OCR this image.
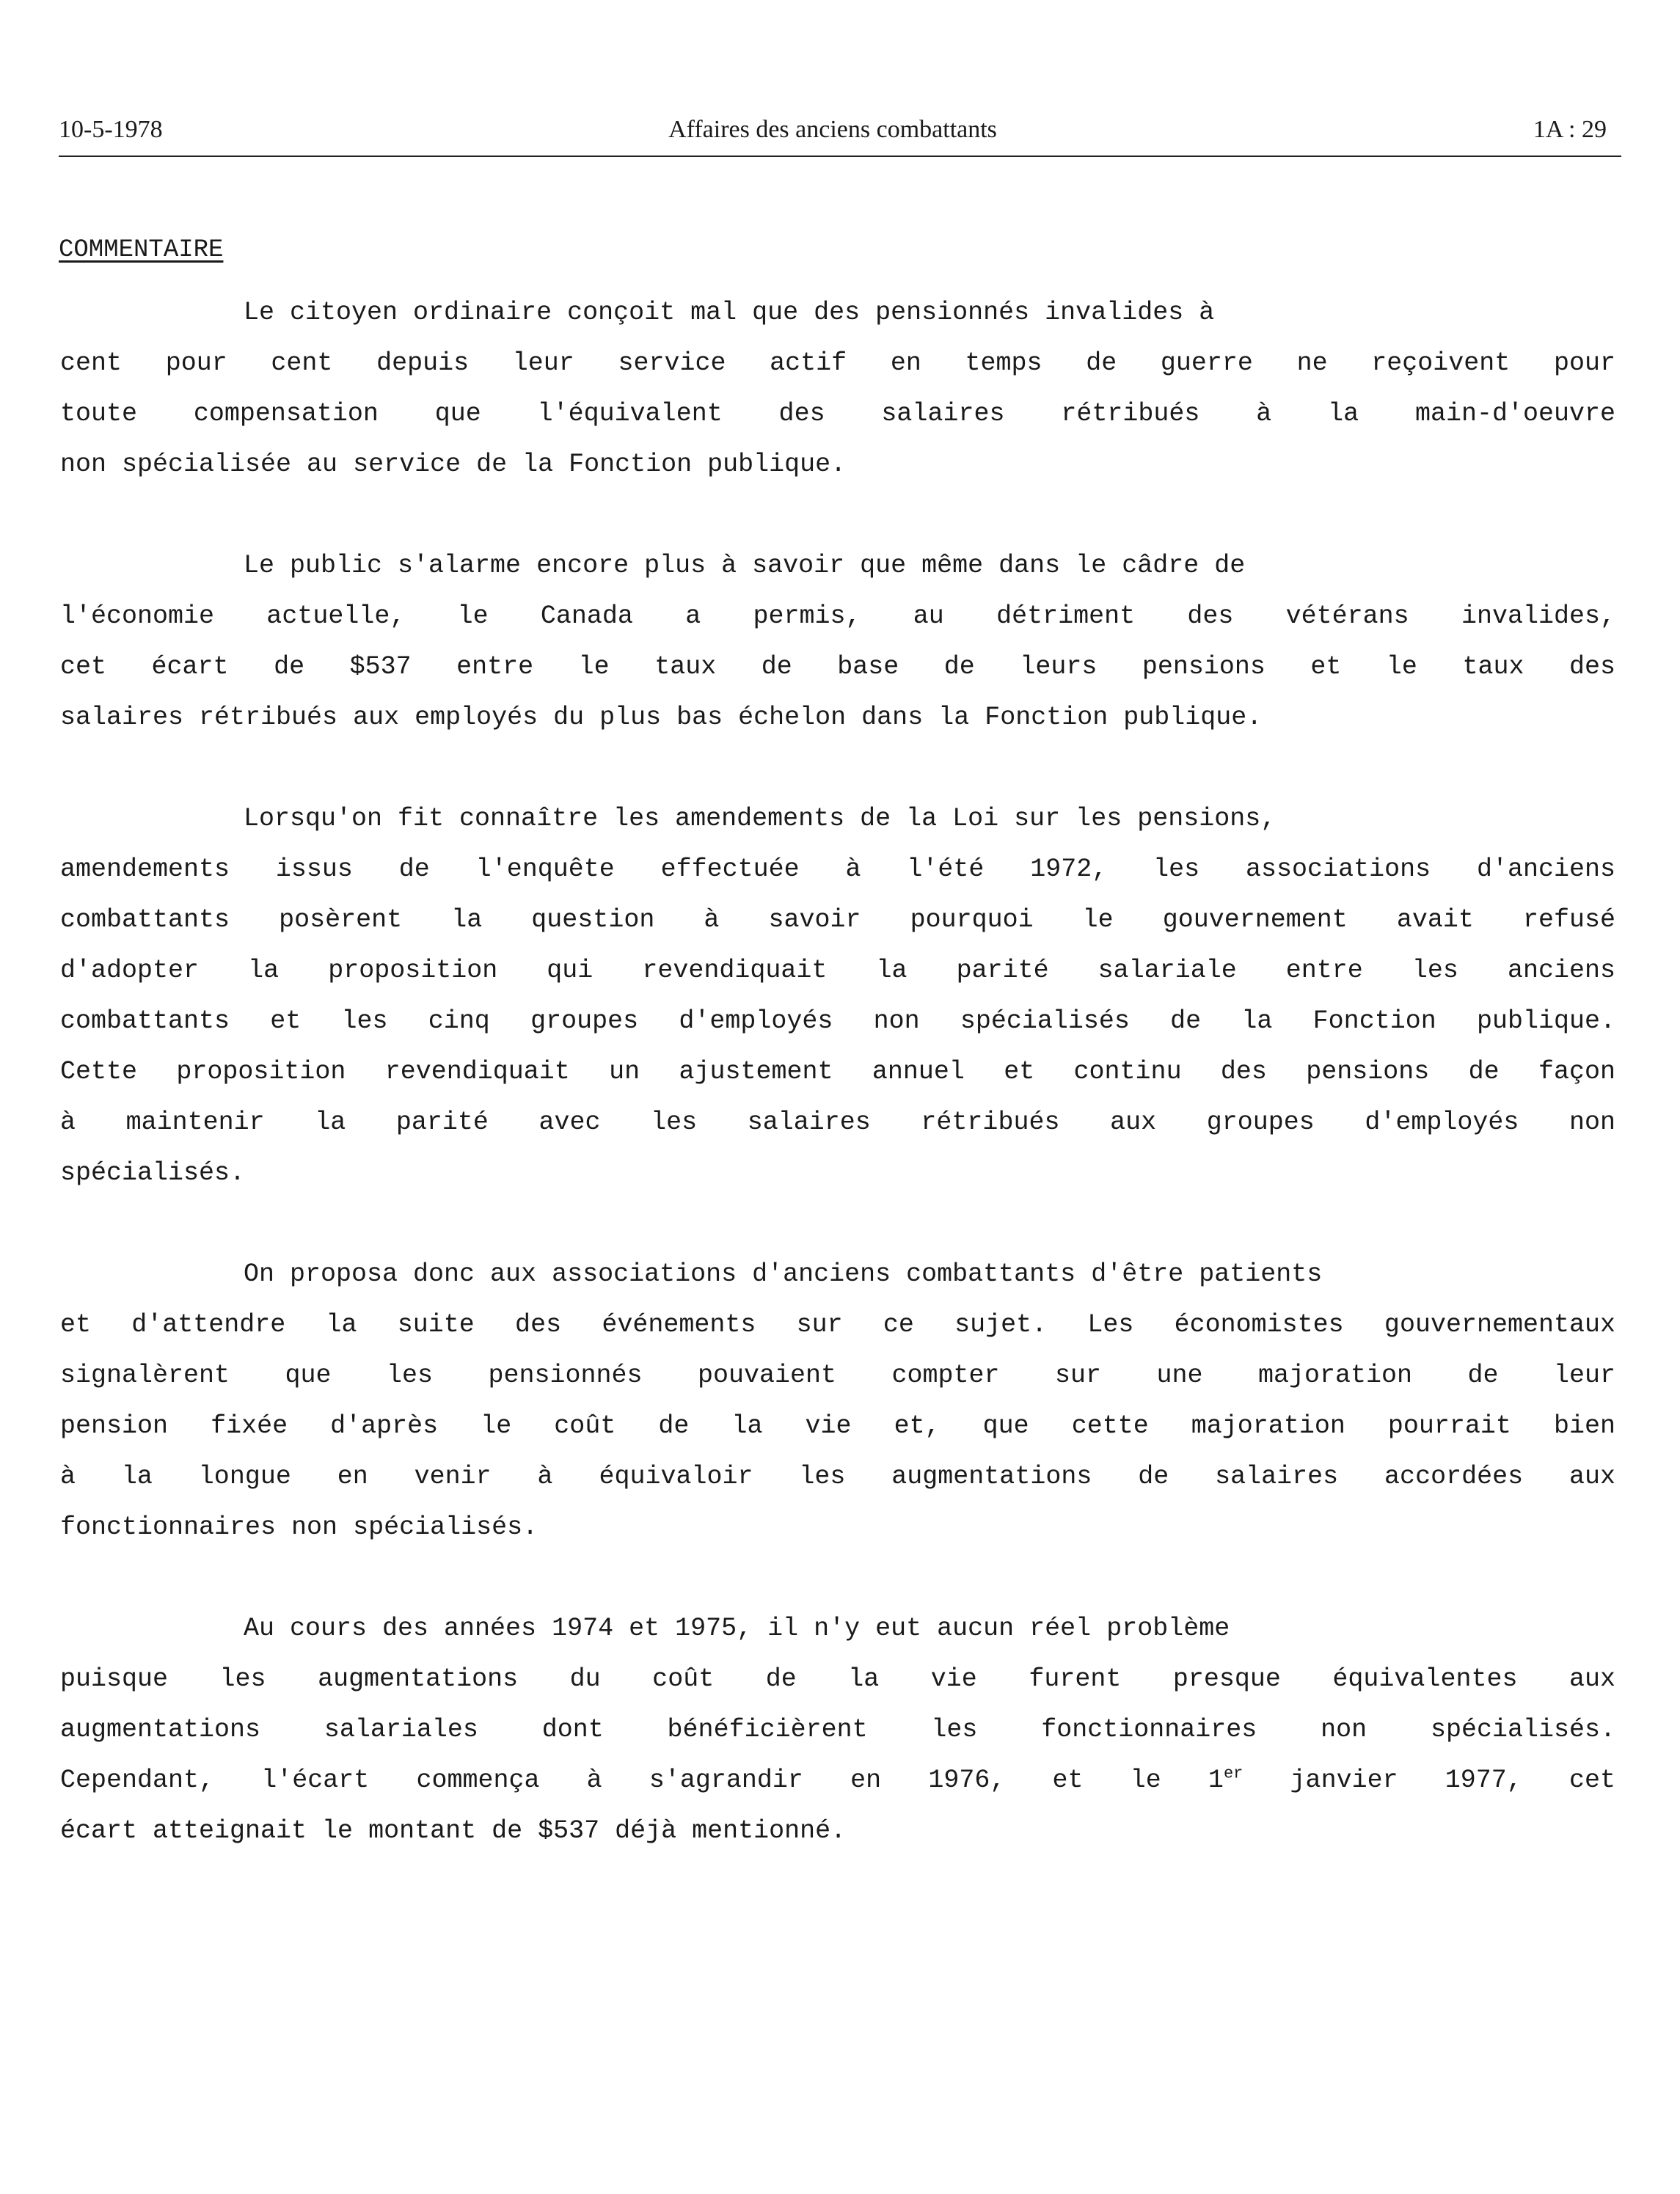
10-5-1978	Affaires des anciens combattants	1A : 29
COMMENTAIRE
Le citoyen ordinaire conçoit mal que des pensionnés invalides à
cent pour cent depuis leur service actif en temps de guerre ne reçoivent pour
toute compensation que l'équivalent des salaires rétribués à la main-d'oeuvre
non spécialisée au service de la Fonction publique.
Le public s'alarme encore plus à savoir que même dans le câdre de
l'économie actuelle, le Canada a permis, au détriment des vétérans invalides,
cet écart de $537 entre le taux de base de leurs pensions et le taux des
salaires rétribués aux employés du plus bas échelon dans la Fonction publique.
Lorsqu'on fit connaître les amendements de la Loi sur les pensions,
amendements issus de l'enquête effectuée à l'été 1972, les associations d'anciens
combattants posèrent la question à savoir pourquoi le gouvernement avait refusé
d'adopter la proposition qui revendiquait la parité salariale entre les anciens
combattants et les cinq groupes d'employés non spécialisés de la Fonction publique.
Cette proposition revendiquait un ajustement annuel et continu des pensions de façon
à maintenir la parité avec les salaires rétribués aux groupes d'employés non
spécialisés.
On proposa donc aux associations d'anciens combattants d'être patients
et d'attendre la suite des événements sur ce sujet. Les économistes gouvernementaux
signalèrent que les pensionnés pouvaient compter sur une majoration de leur
pension fixée d'après le coût de la vie et, que cette majoration pourrait bien
à la longue en venir à équivaloir les augmentations de salaires accordées aux
fonctionnaires non spécialisés.
Au cours des années 1974 et 1975, il n'y eut aucun réel problème
puisque les augmentations du coût de la vie furent presque équivalentes aux
augmentations salariales dont bénéficièrent les fonctionnaires non spécialisés.
Cependant, l'écart commença à s'agrandir en 1976, et le 1er janvier 1977, cet
écart atteignait le montant de $537 déjà mentionné.
